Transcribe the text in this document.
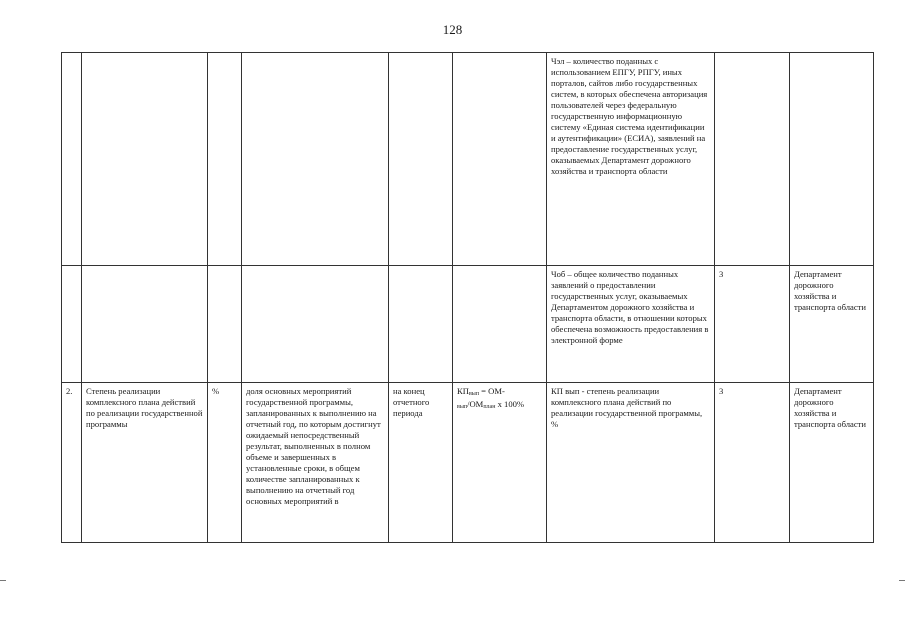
128
						Чэл – количество поданных с использованием ЕПГУ, РПГУ, иных порталов, сайтов либо государственных систем, в которых обеспечена авторизация пользователей через федеральную государственную информационную систему «Единая система идентификации и аутентификации» (ЕСИА), заявлений на предоставление государственных услуг, оказываемых Департамент дорожного хозяйства и транспорта области		
						Чоб – общее количество поданных заявлений о предоставлении государственных услуг, оказываемых Департаментом дорожного хозяйства и транспорта области, в отношении которых обеспечена возможность предоставления в электронной форме	3	Департамент дорожного хозяйства и транспорта области
2.	Степень реализации комплексного плана действий по реализации государственной программы	%	доля основных мероприятий государственной программы, запланированных к выполнению на отчетный год, по которым достигнут ожидаемый непосредственный результат, выполненных в полном объеме и завершенных в установленные сроки, в общем количестве запланированных к выполнению на отчетный год основных мероприятий в	на конец отчетного периода	$КП_{вып} = ОМ-$
$_{вып}/ОМ_{план}$ х 100%	КП вып - степень реализации комплексного плана действий по реализации государственной программы, %	3	Департамент дорожного хозяйства и транспорта области
